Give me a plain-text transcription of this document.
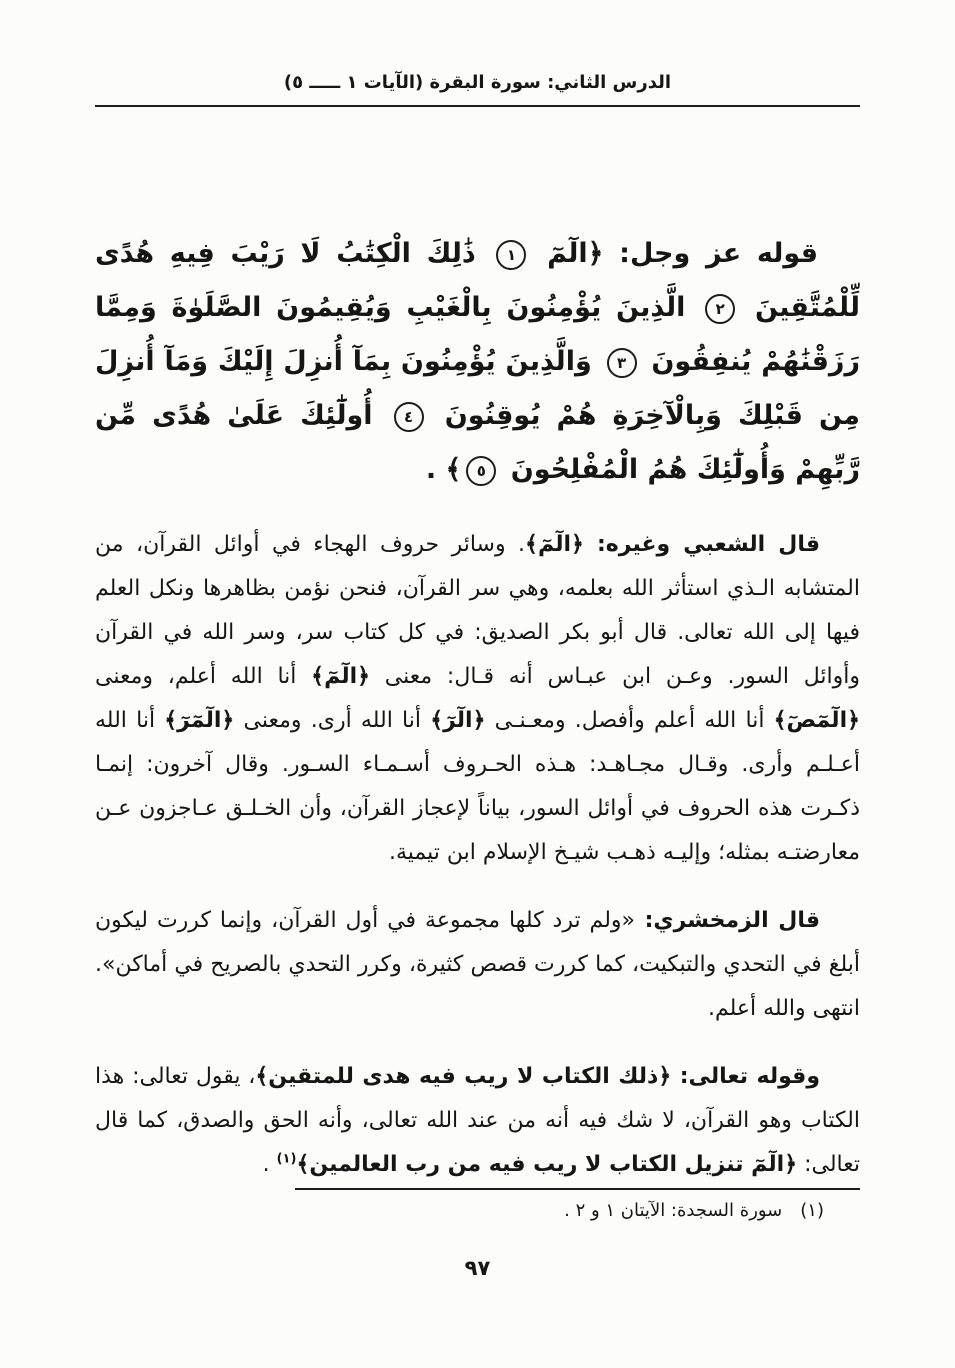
الدرس الثاني: سورة البقرة (الآيات ١ ـــــ ٥)
قوله عز وجل: ﴿الٓمٓ ١ ذَٰلِكَ الْكِتَٰبُ لَا رَيْبَ فِيهِ هُدًى لِّلْمُتَّقِينَ ٢ الَّذِينَ يُؤْمِنُونَ بِالْغَيْبِ وَيُقِيمُونَ الصَّلَوٰةَ وَمِمَّا رَزَقْنَٰهُمْ يُنفِقُونَ ٣ وَالَّذِينَ يُؤْمِنُونَ بِمَآ أُنزِلَ إِلَيْكَ وَمَآ أُنزِلَ مِن قَبْلِكَ وَبِالْآخِرَةِ هُمْ يُوقِنُونَ ٤ أُولَٰٓئِكَ عَلَىٰ هُدًى مِّن رَّبِّهِمْ وَأُولَٰٓئِكَ هُمُ الْمُفْلِحُونَ ٥﴾ .

قال الشعبي وغيره: ﴿الٓمٓ﴾. وسائر حروف الهجاء في أوائل القرآن، من المتشابه الـذي استأثر الله بعلمه، وهي سر القرآن، فنحن نؤمن بظاهرها ونكل العلم فيها إلى الله تعالى. قال أبو بكر الصديق: في كل كتاب سر، وسر الله في القرآن وأوائل السور. وعـن ابن عبـاس أنه قـال: معنى ﴿الٓمٓ﴾ أنا الله أعلم، ومعنى ﴿الٓمٓصٓ﴾ أنا الله أعلم وأفصل. ومعـنـى ﴿الٓرٓ﴾ أنا الله أرى. ومعنى ﴿الٓمٓرٓ﴾ أنا الله أعـلـم وأرى. وقـال مجـاهـد: هـذه الحـروف أسـمـاء السـور. وقال آخرون: إنمـا ذكـرت هذه الحروف في أوائل السور، بياناً لإعجاز القرآن، وأن الخـلـق عـاجزون عـن معارضتـه بمثله؛ وإليـه ذهـب شيـخ الإسلام ابن تيمية.

قال الزمخشري: «ولم ترد كلها مجموعة في أول القرآن، وإنما كررت ليكون أبلغ في التحدي والتبكيت، كما كررت قصص كثيرة، وكرر التحدي بالصريح في أماكن». انتهى والله أعلم.

وقوله تعالى: ﴿ذلك الكتاب لا ريب فيه هدى للمتقين﴾، يقول تعالى: هذا الكتاب وهو القرآن، لا شك فيه أنه من عند الله تعالى، وأنه الحق والصدق، كما قال تعالى: ﴿الٓمٓ تنزيل الكتاب لا ريب فيه من رب العالمين﴾$^{(١)}$ .

(١)
سورة السجدة: الآيتان ١ و ٢ .
٩٧
